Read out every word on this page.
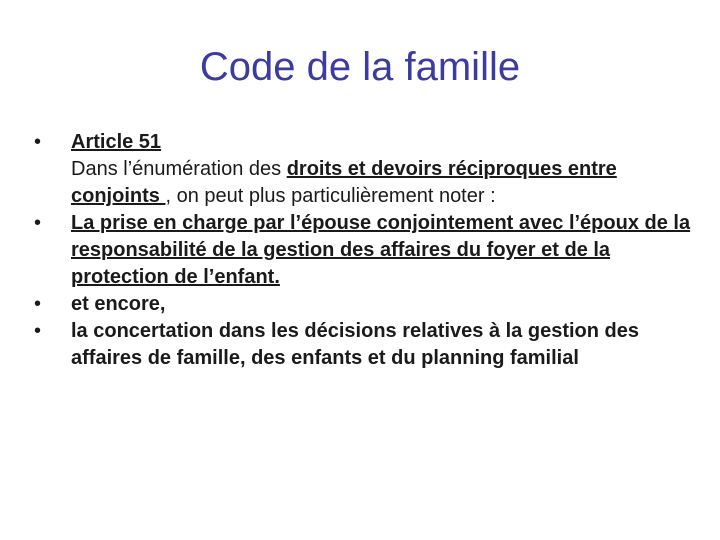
Code de la famille
•	Article 51
Dans l’énumération des droits et devoirs réciproques entre conjoints , on peut plus particulièrement noter :
•	La prise en charge par l’épouse conjointement avec l’époux de la responsabilité de la gestion des affaires du foyer et de la protection de l’enfant.
•	et encore,
•	la concertation dans les décisions relatives à la gestion des affaires de famille, des enfants et du planning familial
